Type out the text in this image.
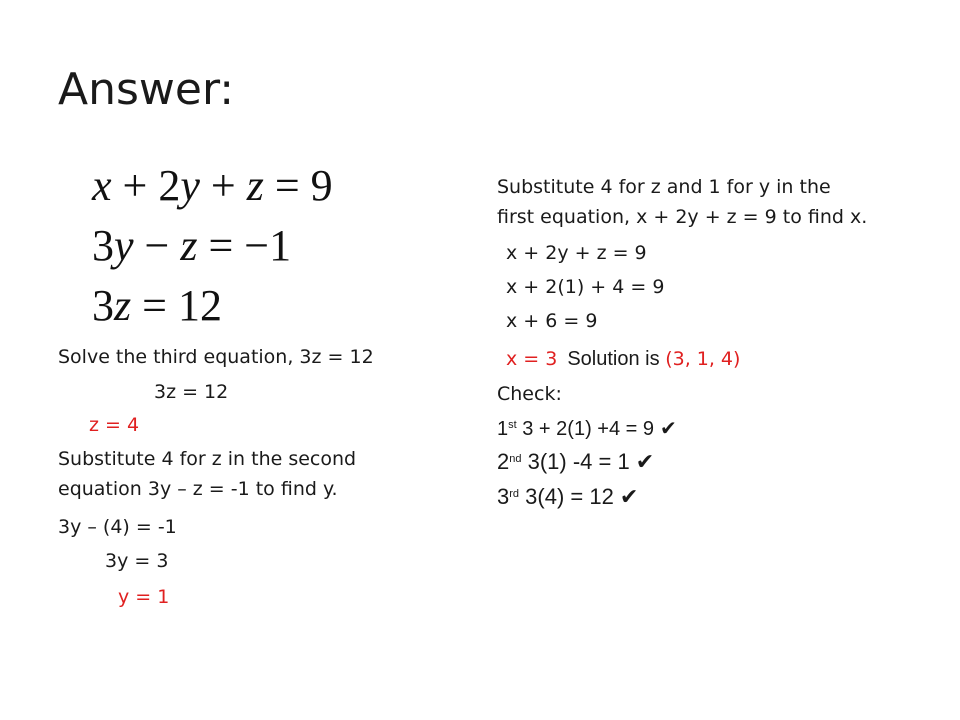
Answer:
x + 2y + z = 9
3y − z = −1
3z = 12
Solve the third equation, 3z = 12
3z = 12
z = 4
Substitute 4 for z in the second
equation 3y – z = -1 to find y.
3y – (4) = -1
3y = 3
y = 1
Substitute 4 for z and 1 for y in the
first equation, x + 2y + z = 9 to find x.
x + 2y + z = 9
x + 2(1) + 4 = 9
x + 6 = 9
x = 3 Solution is (3, 1, 4)
Check:
1st 3 + 2(1) +4 = 9 ✔
2nd 3(1) -4 = 1 ✔
3rd 3(4) = 12 ✔
